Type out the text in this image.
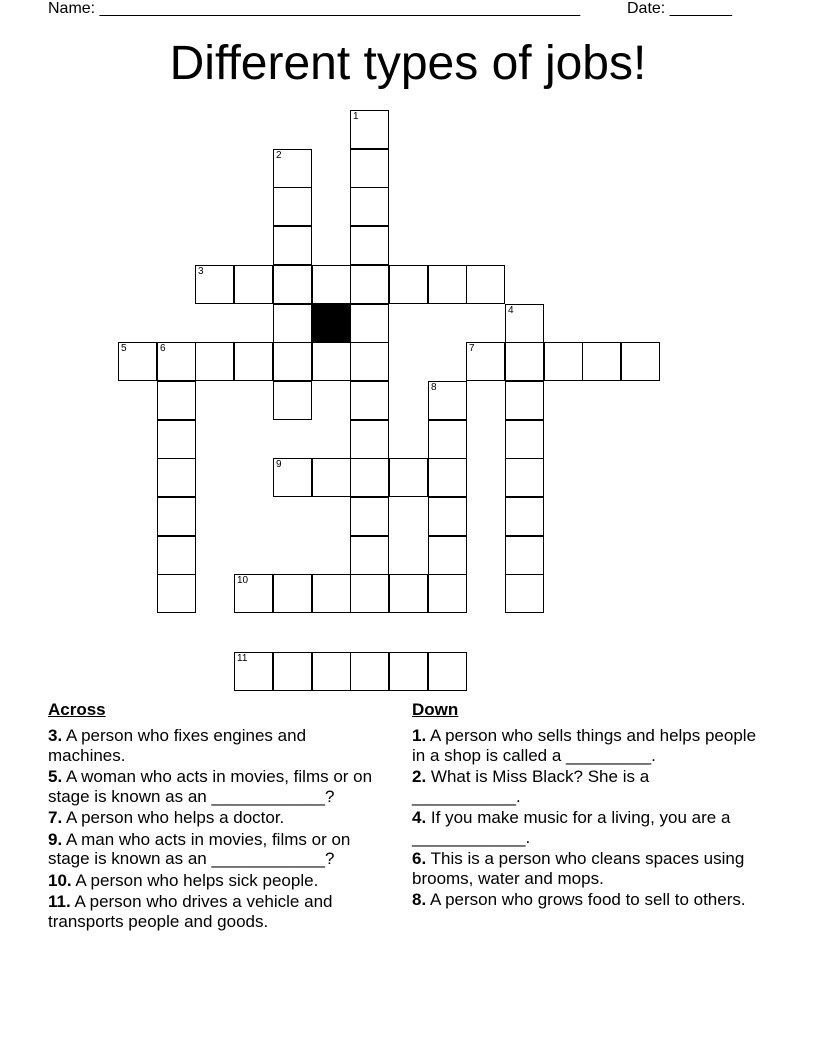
Name: ______________________________________________________	Date: _______
Different types of jobs!
1
2
3
4
5	6	7
8
9
10
11
Across
3. A person who fixes engines and machines.
5. A woman who acts in movies, films or on stage is known as an ____________?
7. A person who helps a doctor.
9. A man who acts in movies, films or on stage is known as an ____________?
10. A person who helps sick people.
11. A person who drives a vehicle and transports people and goods.
Down
1. A person who sells things and helps people in a shop is called a _________.
2. What is Miss Black? She is a ___________.
4. If you make music for a living, you are a ____________.
6. This is a person who cleans spaces using brooms, water and mops.
8. A person who grows food to sell to others.
